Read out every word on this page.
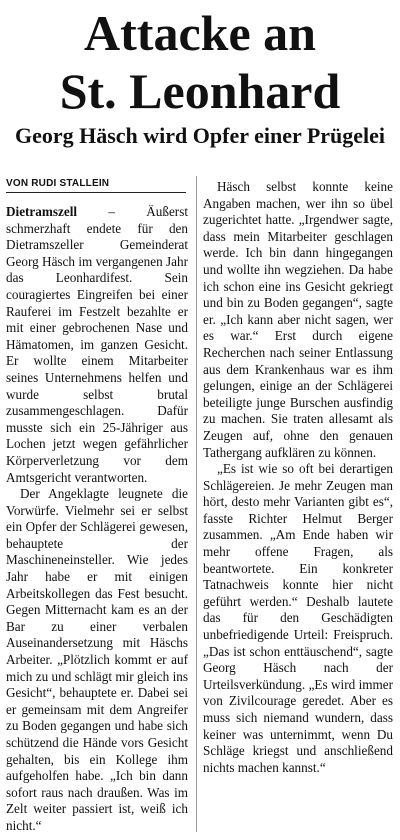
Attacke an
St. Leonhard
Georg Häsch wird Opfer einer Prügelei
VON RUDI STALLEIN

Dietramszell – Äußerst schmerzhaft endete für den Dietramszeller Gemeinderat Georg Häsch im vergangenen Jahr das Leonhardifest. Sein couragiertes Eingreifen bei einer Rauferei im Festzelt bezahlte er mit einer gebrochenen Nase und Hämatomen, im ganzen Gesicht. Er wollte einem Mitarbeiter seines Unternehmens helfen und wurde selbst brutal zusammengeschlagen. Dafür musste sich ein 25-Jähriger aus Lochen jetzt wegen gefährlicher Körperverletzung vor dem Amtsgericht verantworten.

Der Angeklagte leugnete die Vorwürfe. Vielmehr sei er selbst ein Opfer der Schlägerei gewesen, behauptete der Maschineneinsteller. Wie jedes Jahr habe er mit einigen Arbeitskollegen das Fest besucht. Gegen Mitternacht kam es an der Bar zu einer verbalen Auseinandersetzung mit Häschs Arbeiter. „Plötzlich kommt er auf mich zu und schlägt mir gleich ins Gesicht“, behauptete er. Dabei sei er gemeinsam mit dem Angreifer zu Boden gegangen und habe sich schützend die Hände vors Gesicht gehalten, bis ein Kollege ihm aufgeholfen habe. „Ich bin dann sofort raus nach draußen. Was im Zelt weiter passiert ist, weiß ich nicht.“

Häsch selbst konnte keine Angaben machen, wer ihn so übel zugerichtet hatte. „Irgendwer sagte, dass mein Mitarbeiter geschlagen werde. Ich bin dann hingegangen und wollte ihn wegziehen. Da habe ich schon eine ins Gesicht gekriegt und bin zu Boden gegangen“, sagte er. „Ich kann aber nicht sagen, wer es war.“ Erst durch eigene Recherchen nach seiner Entlassung aus dem Krankenhaus war es ihm gelungen, einige an der Schlägerei beteiligte junge Burschen ausfindig zu machen. Sie traten allesamt als Zeugen auf, ohne den genauen Tathergang aufklären zu können.

„Es ist wie so oft bei derartigen Schlägereien. Je mehr Zeugen man hört, desto mehr Varianten gibt es“, fasste Richter Helmut Berger zusammen. „Am Ende haben wir mehr offene Fragen, als beantwortete. Ein konkreter Tatnachweis konnte hier nicht geführt werden.“ Deshalb lautete das für den Geschädigten unbefriedigende Urteil: Freispruch. „Das ist schon enttäuschend“, sagte Georg Häsch nach der Urteilsverkündung. „Es wird immer von Zivilcourage geredet. Aber es muss sich niemand wundern, dass keiner was unternimmt, wenn Du Schläge kriegst und anschließend nichts machen kannst.“
